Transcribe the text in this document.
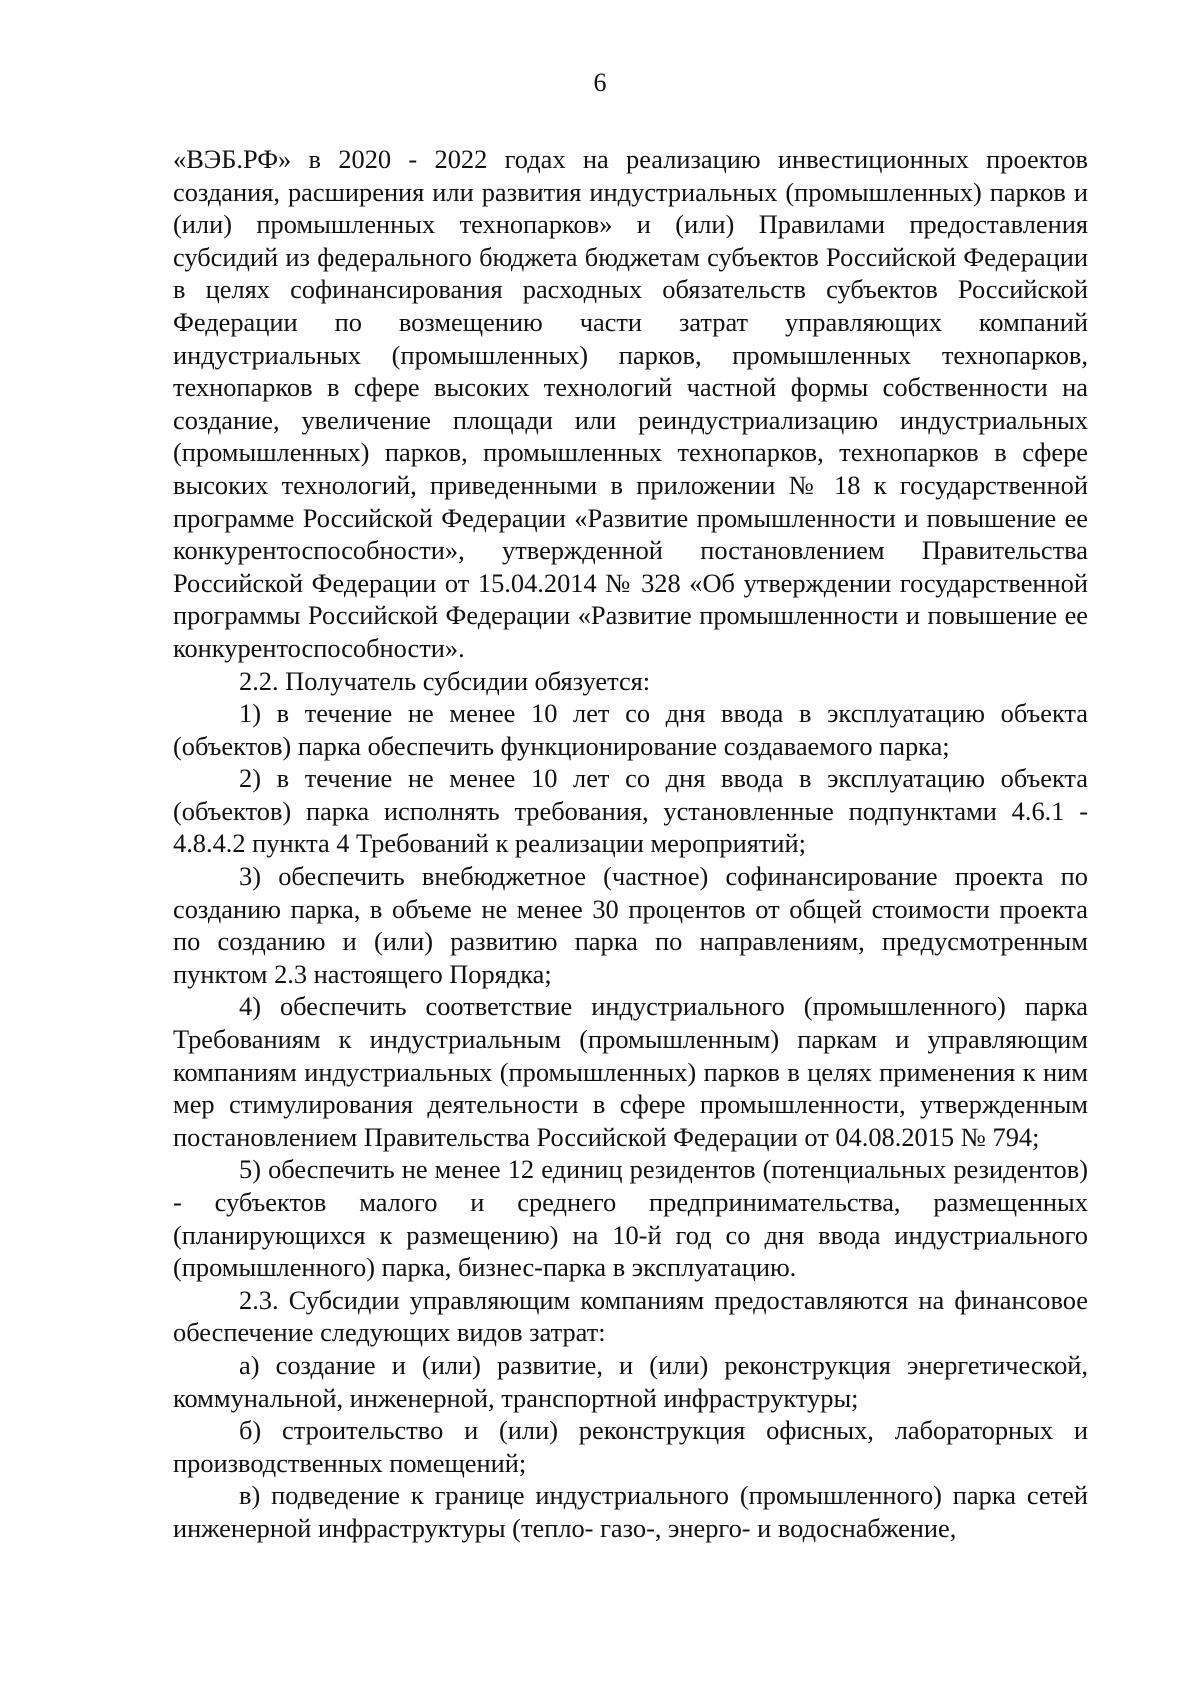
6

«ВЭБ.РФ» в 2020 - 2022 годах на реализацию инвестиционных проектов создания, расширения или развития индустриальных (промышленных) парков и (или) промышленных технопарков» и (или) Правилами предоставления субсидий из федерального бюджета бюджетам субъектов Российской Федерации в целях софинансирования расходных обязательств субъектов Российской Федерации по возмещению части затрат управляющих компаний индустриальных (промышленных) парков, промышленных технопарков, технопарков в сфере высоких технологий частной формы собственности на создание, увеличение площади или реиндустриализацию индустриальных (промышленных) парков, промышленных технопарков, технопарков в сфере высоких технологий, приведенными в приложении № 18 к государственной программе Российской Федерации «Развитие промышленности и повышение ее конкурентоспособности», утвержденной постановлением Правительства Российской Федерации от 15.04.2014 № 328 «Об утверждении государственной программы Российской Федерации «Развитие промышленности и повышение ее конкурентоспособности».

2.2. Получатель субсидии обязуется:

1) в течение не менее 10 лет со дня ввода в эксплуатацию объекта (объектов) парка обеспечить функционирование создаваемого парка;

2) в течение не менее 10 лет со дня ввода в эксплуатацию объекта (объектов) парка исполнять требования, установленные подпунктами 4.6.1 - 4.8.4.2 пункта 4 Требований к реализации мероприятий;

3) обеспечить внебюджетное (частное) софинансирование проекта по созданию парка, в объеме не менее 30 процентов от общей стоимости проекта по созданию и (или) развитию парка по направлениям, предусмотренным пунктом 2.3 настоящего Порядка;

4) обеспечить соответствие индустриального (промышленного) парка Требованиям к индустриальным (промышленным) паркам и управляющим компаниям индустриальных (промышленных) парков в целях применения к ним мер стимулирования деятельности в сфере промышленности, утвержденным постановлением Правительства Российской Федерации от 04.08.2015 № 794;

5) обеспечить не менее 12 единиц резидентов (потенциальных резидентов) - субъектов малого и среднего предпринимательства, размещенных (планирующихся к размещению) на 10-й год со дня ввода индустриального (промышленного) парка, бизнес-парка в эксплуатацию.

2.3. Субсидии управляющим компаниям предоставляются на финансовое обеспечение следующих видов затрат:

а) создание и (или) развитие, и (или) реконструкция энергетической, коммунальной, инженерной, транспортной инфраструктуры;

б) строительство и (или) реконструкция офисных, лабораторных и производственных помещений;

в) подведение к границе индустриального (промышленного) парка сетей инженерной инфраструктуры (тепло- газо-, энерго- и водоснабжение,
